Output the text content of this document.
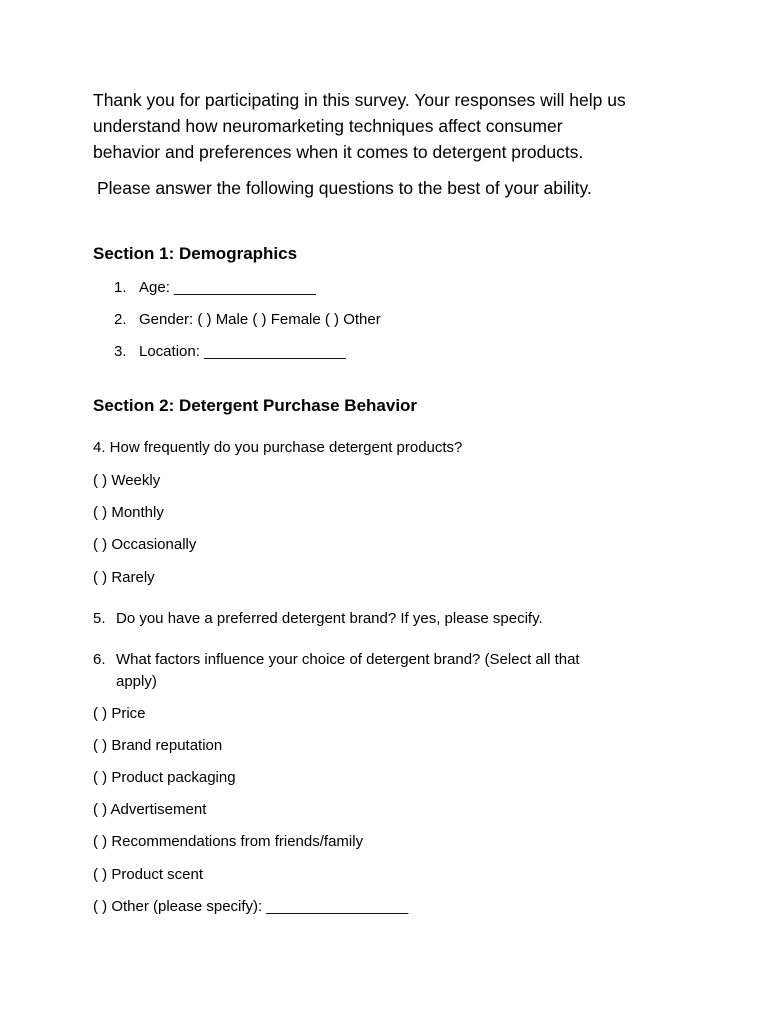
Thank you for participating in this survey. Your responses will help us
understand how neuromarketing techniques affect consumer
behavior and preferences when it comes to detergent products.
Please answer the following questions to the best of your ability.
Section 1: Demographics
1. Age: _________________
2. Gender: ( ) Male ( ) Female ( ) Other
3. Location: _________________
Section 2: Detergent Purchase Behavior
4. How frequently do you purchase detergent products?
( ) Weekly
( ) Monthly
( ) Occasionally
( ) Rarely
5. Do you have a preferred detergent brand? If yes, please specify.
6. What factors influence your choice of detergent brand? (Select all that
apply)
( ) Price
( ) Brand reputation
( ) Product packaging
( ) Advertisement
( ) Recommendations from friends/family
( ) Product scent
( ) Other (please specify): _________________
